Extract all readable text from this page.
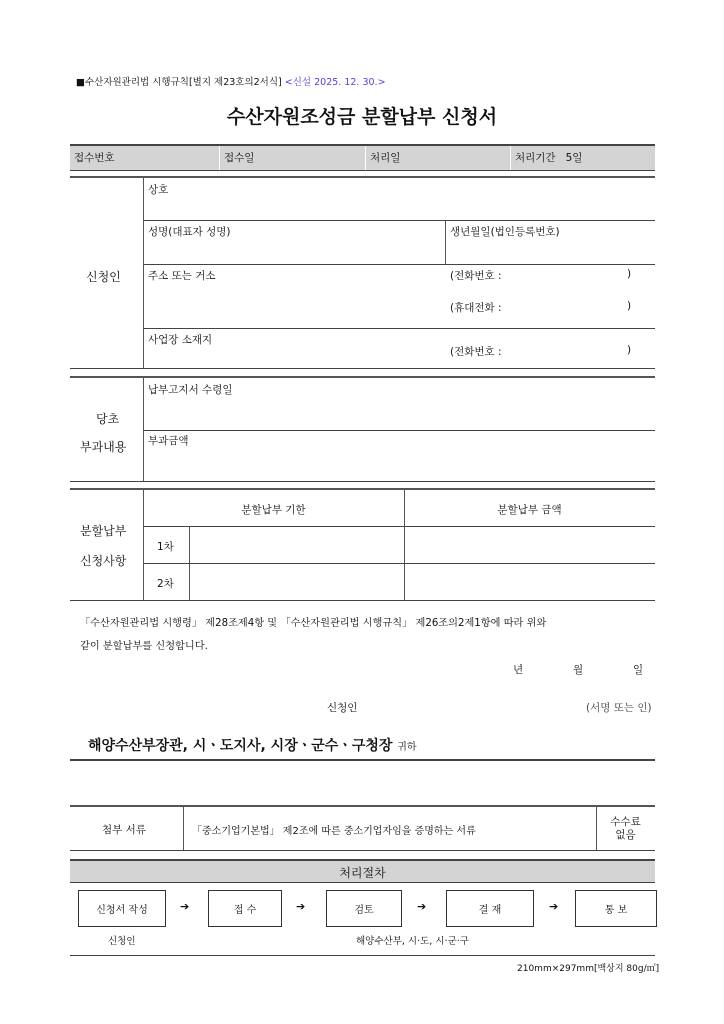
■수산자원관리법 시행규칙[별지 제23호의2서식] <신설 2025. 12. 30.>
수산자원조성금 분할납부 신청서
접수번호	접수일	처리일	처리기간 5일
신청인
상호
성명(대표자 성명)	생년월일(법인등록번호)
주소 또는 거소	(전화번호 :	)
(휴대전화 :	)
사업장 소재지
(전화번호 :	)
당초
부과내용
납부고지서 수령일
부과금액
분할납부
신청사항
분할납부 기한	분할납부 금액
1차
2차
「수산자원관리법 시행령」 제28조제4항 및 「수산자원관리법 시행규칙」 제26조의2제1항에 따라 위와
같이 분할납부를 신청합니다.
년	월	일
신청인	(서명 또는 인)
해양수산부장관, 시ㆍ도지사, 시장ㆍ군수ㆍ구청장 귀하
첨부 서류	「중소기업기본법」 제2조에 따른 중소기업자임을 증명하는 서류
수수료
없음
처리절차
신청서 작성	➔	접 수	➔	검토	➔	결 재	➔	통 보
신청인	해양수산부, 시·도, 시·군·구
210mm×297mm[백상지 80g/㎡]
